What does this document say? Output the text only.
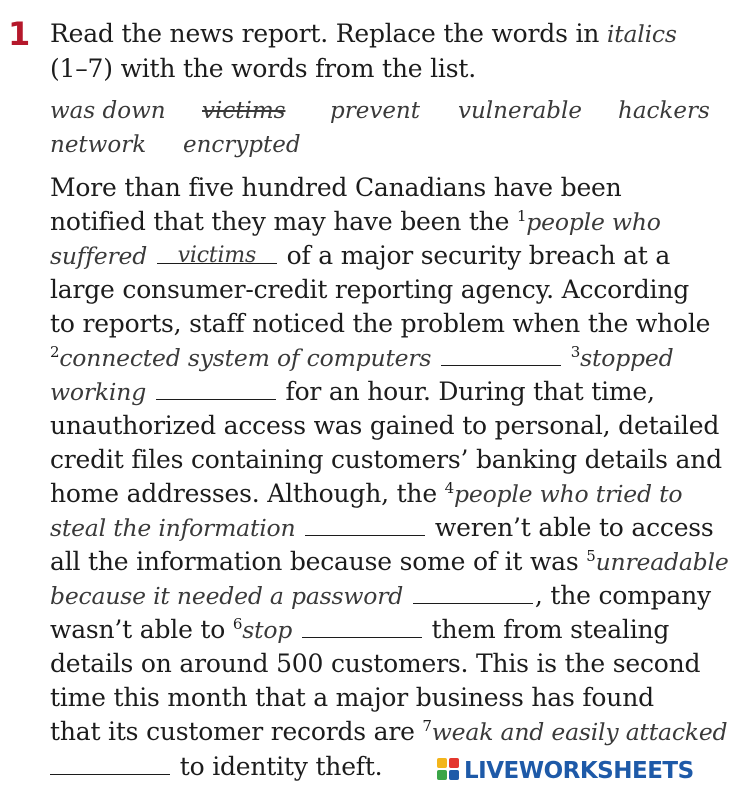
1 Read the news report. Replace the words in italics
(1–7) with the words from the list.
was down victims prevent vulnerable hackers
network encrypted
More than five hundred Canadians have been
notified that they may have been the $^1$people who
suffered victims of a major security breach at a
large consumer-credit reporting agency. According
to reports, staff noticed the problem when the whole
$^2$connected system of computers	$^3$stopped
working	for an hour. During that time,
unauthorized access was gained to personal, detailed
credit files containing customers’ banking details and
home addresses. Although, the $^4$people who tried to
steal the information	weren’t able to access
all the information because some of it was $^5$unreadable
because it needed a password	, the company
wasn’t able to $^6$stop	them from stealing
details on around 500 customers. This is the second
time this month that a major business has found
that its customer records are $^7$weak and easily attacked
to identity theft.	LIVEWORKSHEETS
